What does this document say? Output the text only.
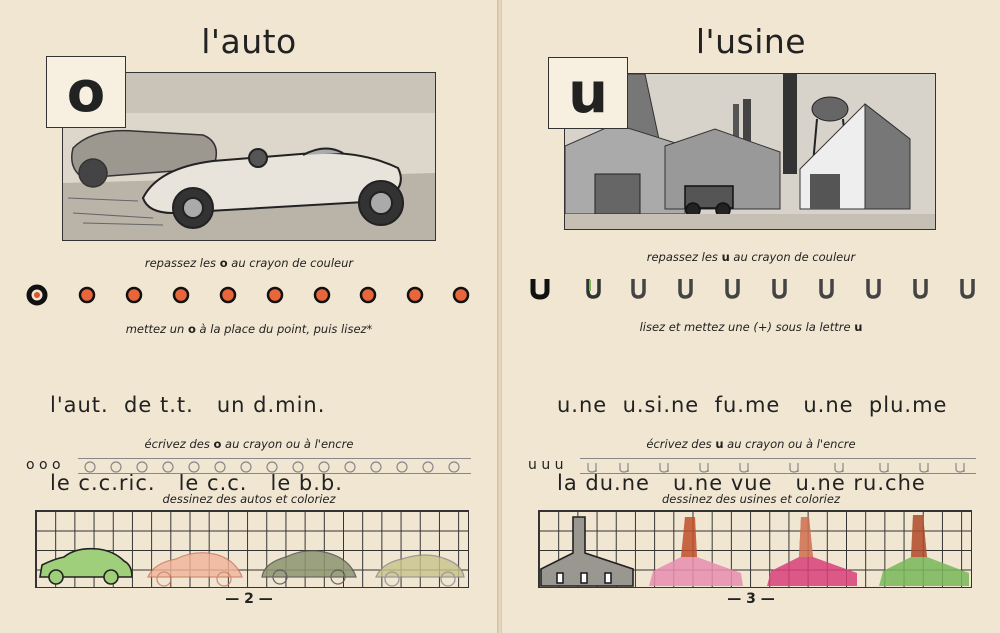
l'auto
o
repassez les o au crayon de couleur
mettez un o à la place du point, puis lisez*

l'aut.  de t.t.   un d.min.

le c.c.ric.   le c.c.   le b.b.

écrivez des o au crayon ou à l'encre
o o o
dessinez des autos et coloriez
— 2 —
l'usine
u
repassez les u au crayon de couleur
lisez et mettez une (+) sous la lettre u

u.ne  u.si.ne  fu.me   u.ne  plu.me

la du.ne   u.ne vue   u.ne ru.che

écrivez des u au crayon ou à l'encre
u u u
dessinez des usines et coloriez
— 3 —
